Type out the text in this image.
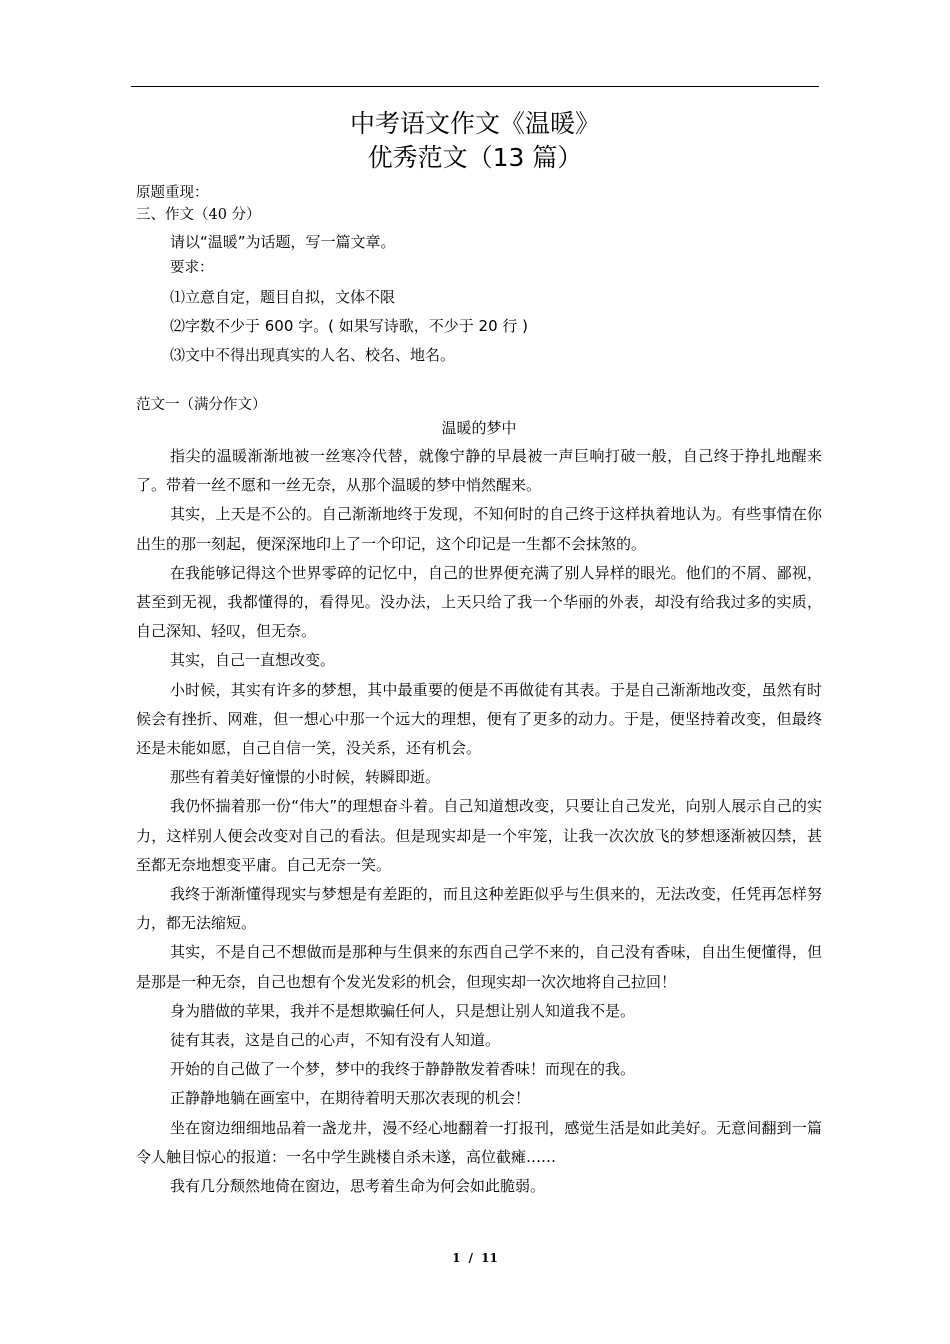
中考语文作文《温暖》
优秀范文（13 篇）
原题重现：
三、作文（40 分）
请以“温暖”为话题，写一篇文章。
要求：
⑴立意自定，题目自拟，文体不限
⑵字数不少于 600 字。( 如果写诗歌，不少于 20 行 )
⑶文中不得出现真实的人名、校名、地名。
范文一（满分作文）
温暖的梦中

指尖的温暖渐渐地被一丝寒冷代替，就像宁静的早晨被一声巨响打破一般，自己终于挣扎地醒来了。带着一丝不愿和一丝无奈，从那个温暖的梦中悄然醒来。

其实，上天是不公的。自己渐渐地终于发现，不知何时的自己终于这样执着地认为。有些事情在你出生的那一刻起，便深深地印上了一个印记，这个印记是一生都不会抹煞的。

在我能够记得这个世界零碎的记忆中，自己的世界便充满了别人异样的眼光。他们的不屑、鄙视，甚至到无视，我都懂得的，看得见。没办法，上天只给了我一个华丽的外表，却没有给我过多的实质，自己深知、轻叹，但无奈。

其实，自己一直想改变。

小时候，其实有许多的梦想，其中最重要的便是不再做徒有其表。于是自己渐渐地改变，虽然有时候会有挫折、网难，但一想心中那一个远大的理想，便有了更多的动力。于是，便坚持着改变，但最终还是未能如愿，自己自信一笑，没关系，还有机会。

那些有着美好憧憬的小时候，转瞬即逝。

我仍怀揣着那一份“伟大”的理想奋斗着。自己知道想改变，只要让自己发光，向别人展示自己的实力，这样别人便会改变对自己的看法。但是现实却是一个牢笼，让我一次次放飞的梦想逐渐被囚禁，甚至都无奈地想变平庸。自己无奈一笑。

我终于渐渐懂得现实与梦想是有差距的，而且这种差距似乎与生俱来的，无法改变，任凭再怎样努力，都无法缩短。

其实，不是自己不想做而是那种与生俱来的东西自己学不来的，自己没有香味，自出生便懂得，但是那是一种无奈，自己也想有个发光发彩的机会，但现实却一次次地将自己拉回！

身为腊做的苹果，我并不是想欺骗任何人，只是想让别人知道我不是。

徒有其表，这是自己的心声，不知有没有人知道。

开始的自己做了一个梦，梦中的我终于静静散发着香味！而现在的我。

正静静地躺在画室中，在期待着明天那次表现的机会！

坐在窗边细细地品着一盏龙井，漫不经心地翻着一打报刊，感觉生活是如此美好。无意间翻到一篇令人触目惊心的报道：一名中学生跳楼自杀未遂，高位截瘫……

我有几分颓然地倚在窗边，思考着生命为何会如此脆弱。

1 / 11
